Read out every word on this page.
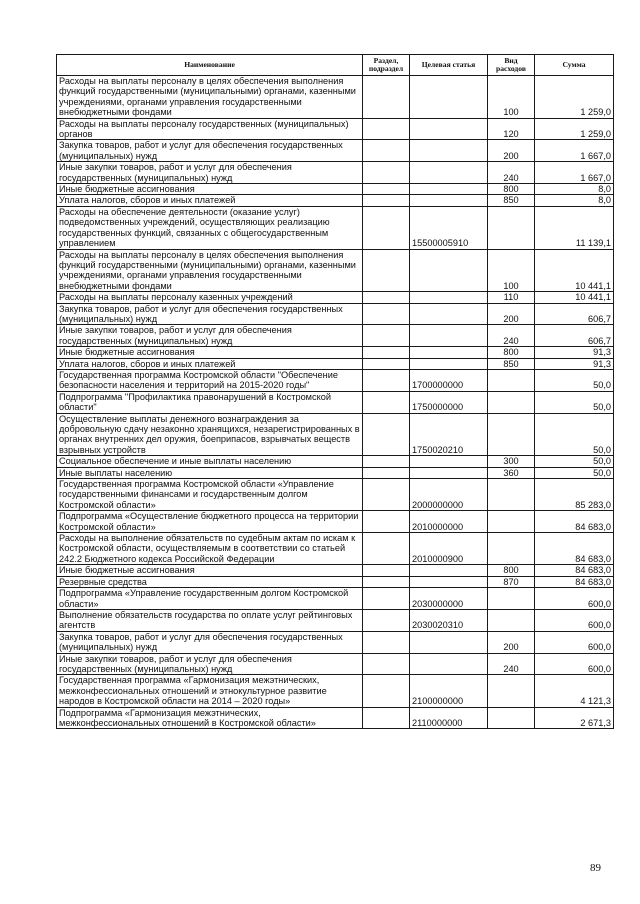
Наименование	Раздел, подраздел	Целевая статья	Вид расходов	Сумма
Расходы на выплаты персоналу в целях обеспечения выполнения функций государственными (муниципальными) органами, казенными учреждениями, органами управления государственными внебюджетными фондами			100	1 259,0
Расходы на выплаты персоналу государственных (муниципальных) органов			120	1 259,0
Закупка товаров, работ и услуг для обеспечения государственных (муниципальных) нужд			200	1 667,0
Иные закупки товаров, работ и услуг для обеспечения государственных (муниципальных) нужд			240	1 667,0
Иные бюджетные ассигнования			800	8,0
Уплата налогов, сборов и иных платежей			850	8,0
Расходы на обеспечение деятельности (оказание услуг) подведомственных учреждений, осуществляющих реализацию государственных функций, связанных с общегосударственным управлением		15500005910		11 139,1
Расходы на выплаты персоналу в целях обеспечения выполнения функций государственными (муниципальными) органами, казенными учреждениями, органами управления государственными внебюджетными фондами			100	10 441,1
Расходы на выплаты персоналу казенных учреждений			110	10 441,1
Закупка товаров, работ и услуг для обеспечения государственных (муниципальных) нужд			200	606,7
Иные закупки товаров, работ и услуг для обеспечения государственных (муниципальных) нужд			240	606,7
Иные бюджетные ассигнования			800	91,3
Уплата налогов, сборов и иных платежей			850	91,3
Государственная программа Костромской области "Обеспечение безопасности населения и территорий на 2015-2020 годы"		1700000000		50,0
Подпрограмма "Профилактика правонарушений в Костромской области"		1750000000		50,0
Осуществление выплаты денежного вознаграждения за добровольную сдачу незаконно хранящихся, незарегистрированных в органах внутренних дел оружия, боеприпасов, взрывчатых веществ взрывных устройств		1750020210		50,0
Социальное обеспечение и иные выплаты населению			300	50,0
Иные выплаты населению			360	50,0
Государственная программа Костромской области «Управление государственными финансами и государственным долгом Костромской области»		2000000000		85 283,0
Подпрограмма «Осуществление бюджетного процесса на территории Костромской области»		2010000000		84 683,0
Расходы на выполнение обязательств по судебным актам по искам к Костромской области, осуществляемым в соответствии со статьей 242.2 Бюджетного кодекса Российской Федерации		2010000900		84 683,0
Иные бюджетные ассигнования			800	84 683,0
Резервные средства			870	84 683,0
Подпрограмма «Управление государственным долгом Костромской области»		2030000000		600,0
Выполнение обязательств государства по оплате услуг рейтинговых агентств		2030020310		600,0
Закупка товаров, работ и услуг для обеспечения государственных (муниципальных) нужд			200	600,0
Иные закупки товаров, работ и услуг для обеспечения государственных (муниципальных) нужд			240	600,0
Государственная программа «Гармонизация межэтнических, межконфессиональных отношений и этнокультурное развитие народов в Костромской области на 2014 – 2020 годы»		2100000000		4 121,3
Подпрограмма «Гармонизация межэтнических, межконфессиональных отношений в Костромской области»		2110000000		2 671,3
89
